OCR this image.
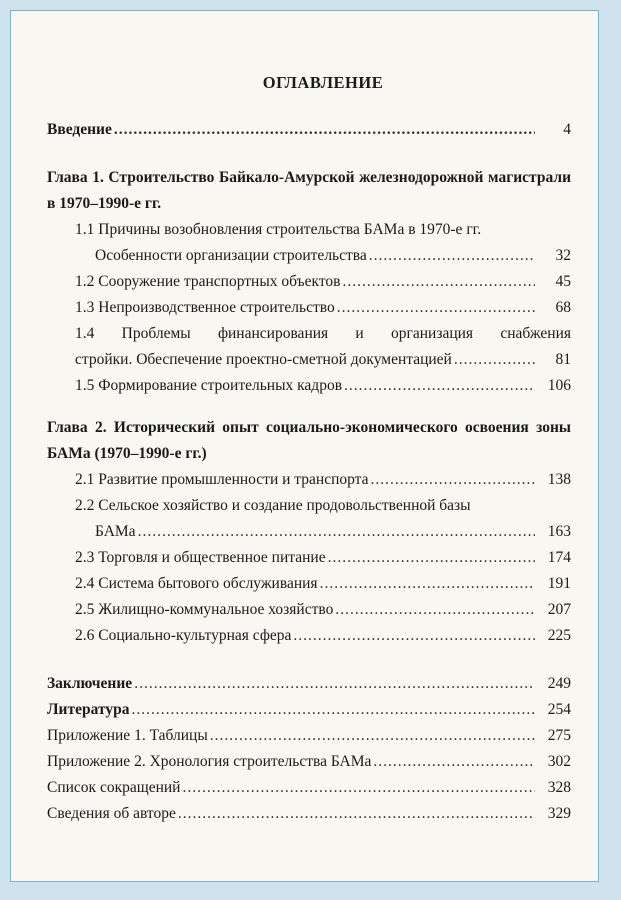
ОГЛАВЛЕНИЕ
Введение .....	4
Глава 1. Строительство Байкало-Амурской железнодорожной магистрали в 1970–1990-е гг.
1.1 Причины возобновления строительства БАМа в 1970-е гг.
Особенности организации строительства .....	32
1.2 Сооружение транспортных объектов .....	45
1.3 Непроизводственное строительство .....	68
1.4 Проблемы финансирования и организация снабжения
стройки. Обеспечение проектно-сметной документацией .....	81
1.5 Формирование строительных кадров .....	106
Глава 2. Исторический опыт социально-экономического освоения зоны БАМа (1970–1990-е гг.)
2.1 Развитие промышленности и транспорта .....	138
2.2 Сельское хозяйство и создание продовольственной базы
БАМа .....	163
2.3 Торговля и общественное питание .....	174
2.4 Система бытового обслуживания .....	191
2.5 Жилищно-коммунальное хозяйство .....	207
2.6 Социально-культурная сфера .....	225
Заключение .....	249
Литература .....	254
Приложение 1. Таблицы .....	275
Приложение 2. Хронология строительства БАМа .....	302
Список сокращений .....	328
Сведения об авторе .....	329
